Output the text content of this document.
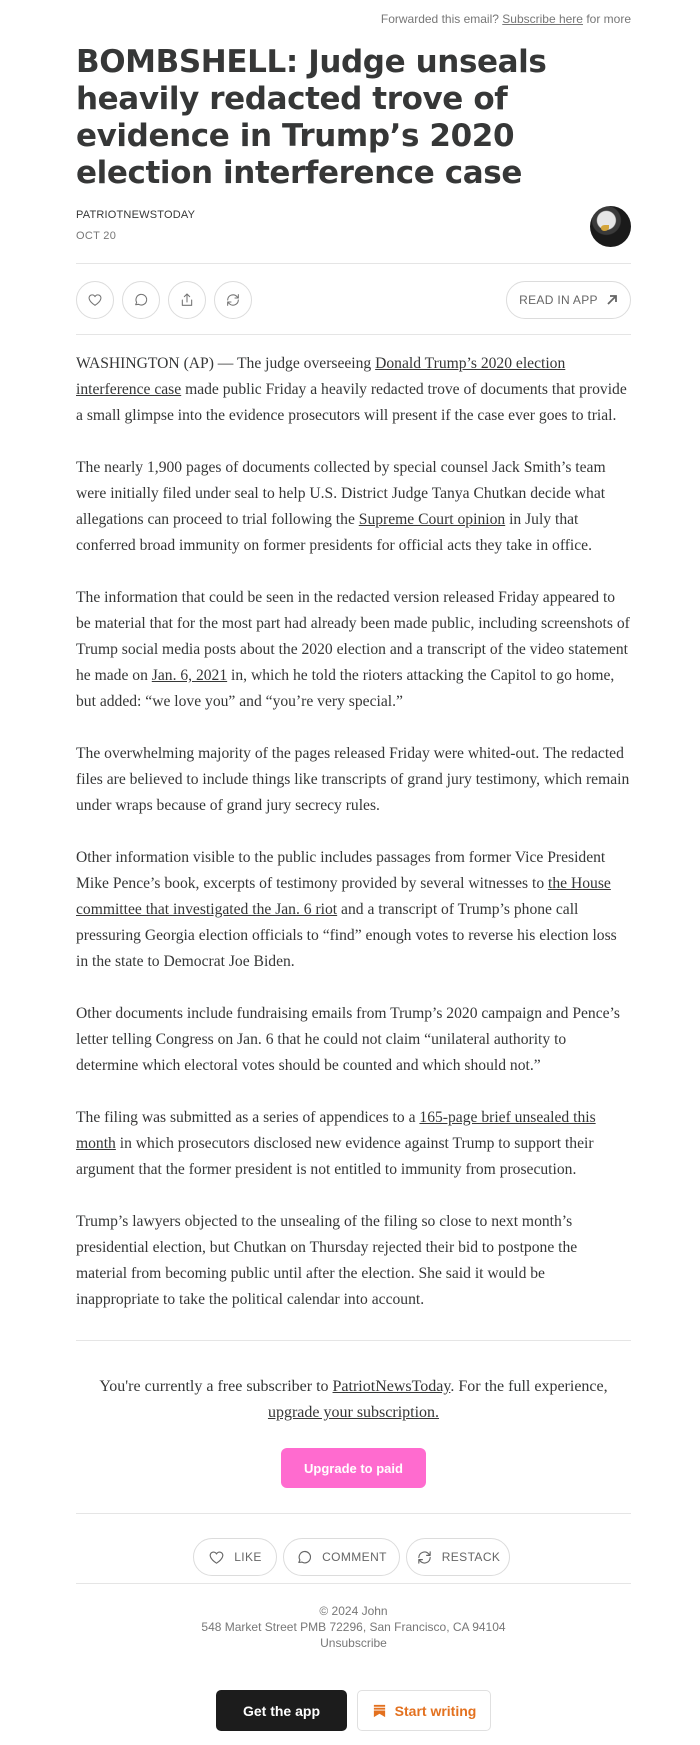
Forwarded this email? Subscribe here for more
BOMBSHELL: Judge unseals heavily redacted trove of evidence in Trump’s 2020 election interference case
PATRIOTNEWSTODAY
OCT 20
READ IN APP

WASHINGTON (AP) — The judge overseeing Donald Trump’s 2020 election interference case made public Friday a heavily redacted trove of documents that provide a small glimpse into the evidence prosecutors will present if the case ever goes to trial.

The nearly 1,900 pages of documents collected by special counsel Jack Smith’s team were initially filed under seal to help U.S. District Judge Tanya Chutkan decide what allegations can proceed to trial following the Supreme Court opinion in July that conferred broad immunity on former presidents for official acts they take in office.

The information that could be seen in the redacted version released Friday appeared to be material that for the most part had already been made public, including screenshots of Trump social media posts about the 2020 election and a transcript of the video statement he made on Jan. 6, 2021 in, which he told the rioters attacking the Capitol to go home, but added: “we love you” and “you’re very special.”

The overwhelming majority of the pages released Friday were whited-out. The redacted files are believed to include things like transcripts of grand jury testimony, which remain under wraps because of grand jury secrecy rules.

Other information visible to the public includes passages from former Vice President Mike Pence’s book, excerpts of testimony provided by several witnesses to the House committee that investigated the Jan. 6 riot and a transcript of Trump’s phone call pressuring Georgia election officials to “find” enough votes to reverse his election loss in the state to Democrat Joe Biden.

Other documents include fundraising emails from Trump’s 2020 campaign and Pence’s letter telling Congress on Jan. 6 that he could not claim “unilateral authority to determine which electoral votes should be counted and which should not.”

The filing was submitted as a series of appendices to a 165-page brief unsealed this month in which prosecutors disclosed new evidence against Trump to support their argument that the former president is not entitled to immunity from prosecution.

Trump’s lawyers objected to the unsealing of the filing so close to next month’s presidential election, but Chutkan on Thursday rejected their bid to postpone the material from becoming public until after the election. She said it would be inappropriate to take the political calendar into account.

You're currently a free subscriber to PatriotNewsToday. For the full experience, upgrade your subscription.
Upgrade to paid
LIKE	COMMENT	RESTACK
© 2024 John
548 Market Street PMB 72296, San Francisco, CA 94104
Unsubscribe
Get the app	Start writing
